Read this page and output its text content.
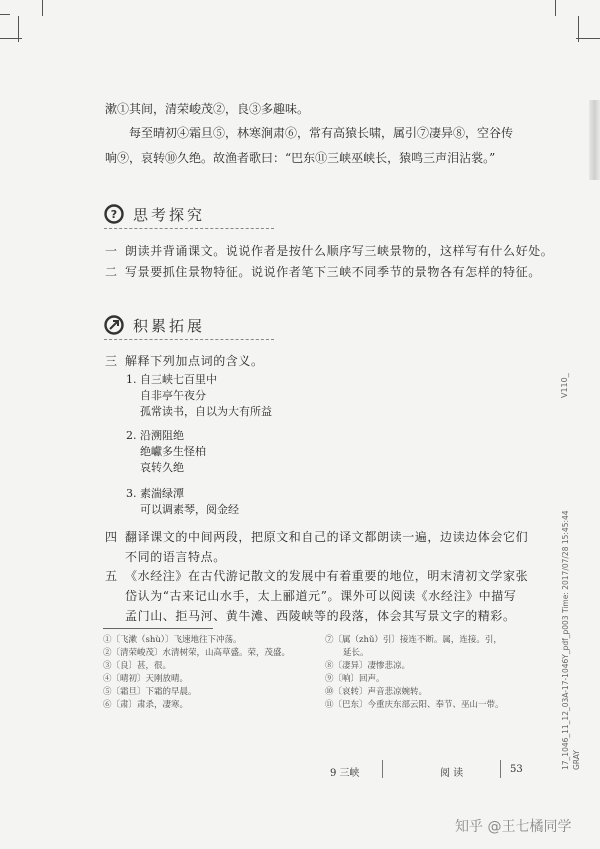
漱①其间，清荣峻茂②，良③多趣味。
每至晴初④霜旦⑤，林寒涧肃⑥，常有高猿长啸，属引⑦凄异⑧，空谷传
响⑨，哀转⑩久绝。故渔者歌曰：“巴东⑪三峡巫峡长，猿鸣三声泪沾裳。”
? 思考探究
一 朗读并背诵课文。说说作者是按什么顺序写三峡景物的，这样写有什么好处。
二 写景要抓住景物特征。说说作者笔下三峡不同季节的景物各有怎样的特征。
积累拓展
三 解释下列加点词的含义。
1. 自三峡七百里中
自非亭午夜分
孤常读书，自以为大有所益
2. 沿溯阻绝
绝巘多生怪柏
哀转久绝
3. 素湍绿潭
可以调素琴，阅金经
四 翻译课文的中间两段，把原文和自己的译文都朗读一遍，边读边体会它们
不同的语言特点。
五 《水经注》在古代游记散文的发展中有着重要的地位，明末清初文学家张
岱认为“古来记山水手，太上郦道元”。课外可以阅读《水经注》中描写
孟门山、拒马河、黄牛滩、西陵峡等的段落，体会其写景文字的精彩。
①〔飞漱（shù）〕飞速地往下冲荡。
②〔清荣峻茂〕水清树荣，山高草盛。荣，茂盛。
③〔良〕甚，很。
④〔晴初〕天刚放晴。
⑤〔霜旦〕下霜的早晨。
⑥〔肃〕肃杀，凄寒。
⑦〔属（zhǔ）引〕接连不断。属，连接。引，
延长。
⑧〔凄异〕凄惨悲凉。
⑨〔响〕回声。
⑩〔哀转〕声音悲凉婉转。
⑪〔巴东〕今重庆东部云阳、奉节、巫山一带。
9 三峡	阅 读	53
V110_
17_1046_11_12_03A-17-1046Y_pdf_p003 Time: 2017/07/28 15:45:44 GRAY
知乎 @王七橘同学
